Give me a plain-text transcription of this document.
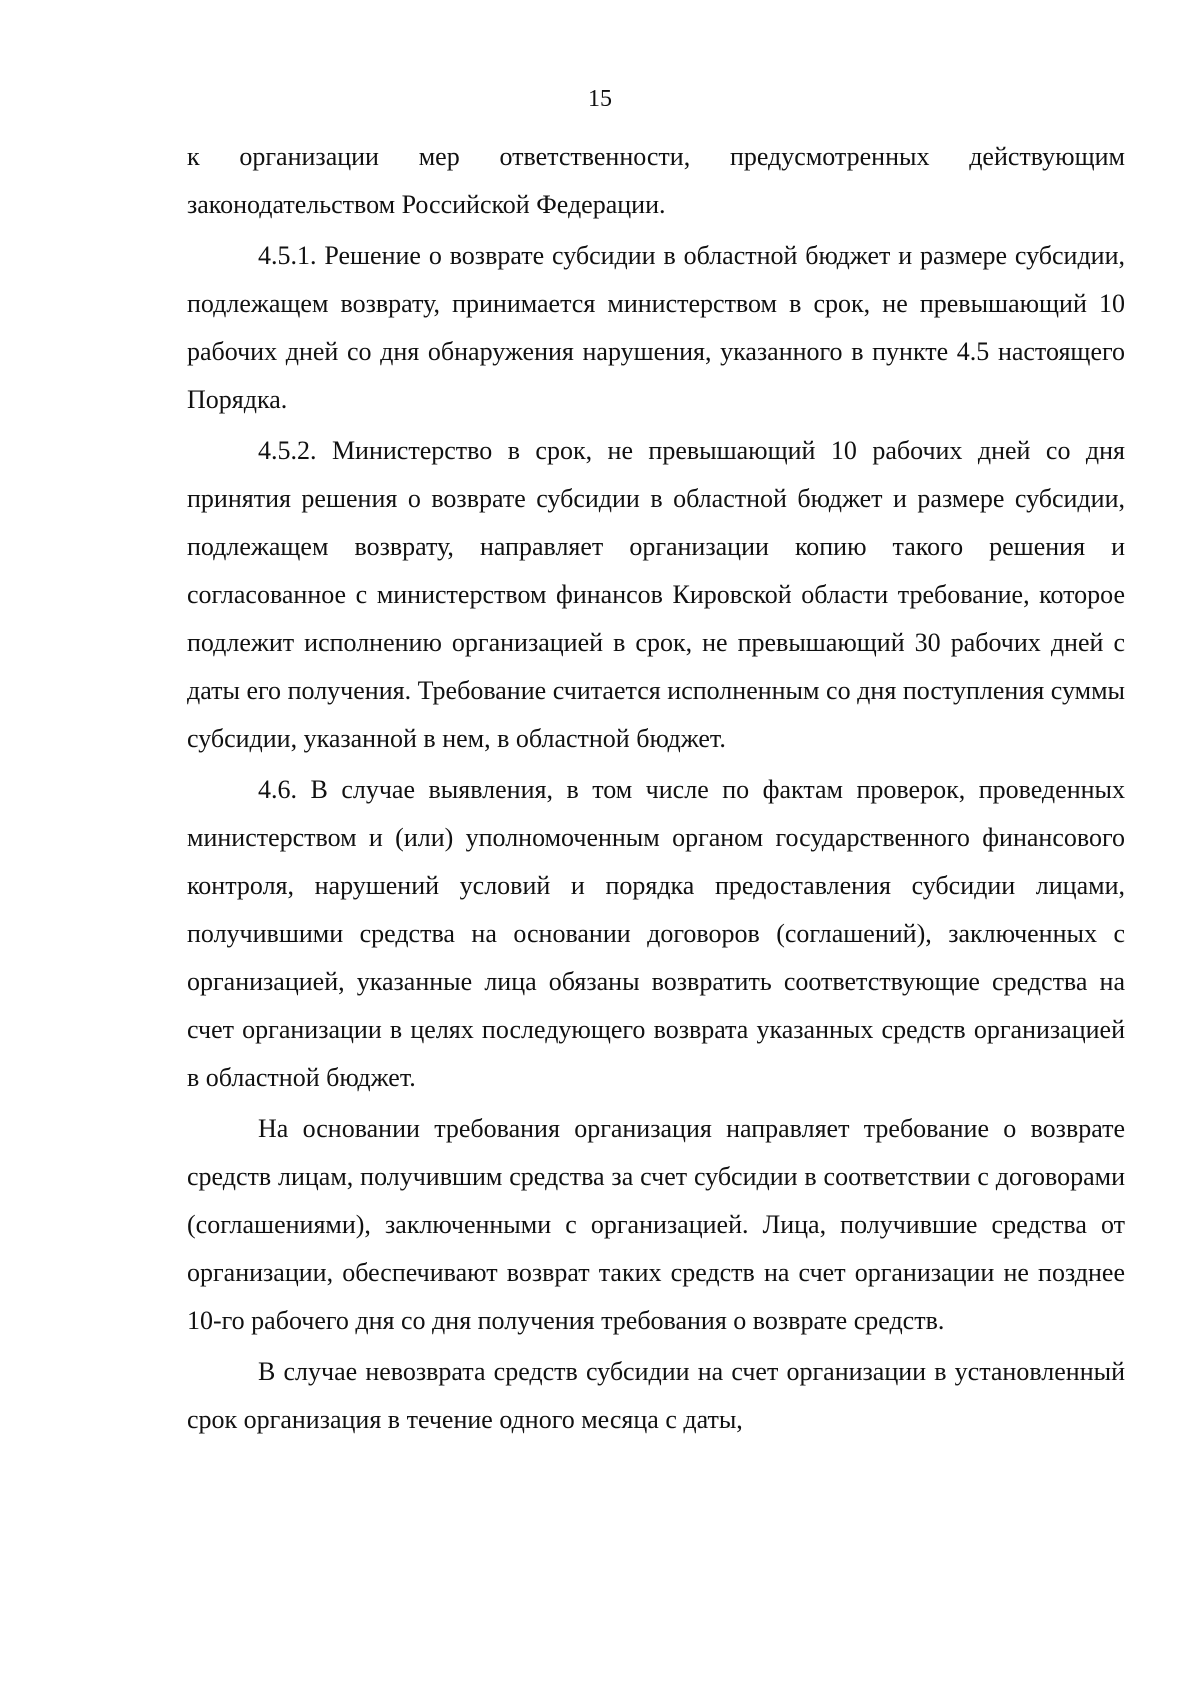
15

к организации мер ответственности, предусмотренных действующим законодательством Российской Федерации.

4.5.1. Решение о возврате субсидии в областной бюджет и размере субсидии, подлежащем возврату, принимается министерством в срок, не превышающий 10 рабочих дней со дня обнаружения нарушения, указанного в пункте 4.5 настоящего Порядка.

4.5.2. Министерство в срок, не превышающий 10 рабочих дней со дня принятия решения о возврате субсидии в областной бюджет и размере субсидии, подлежащем возврату, направляет организации копию такого решения и согласованное с министерством финансов Кировской области требование, которое подлежит исполнению организацией в срок, не превышающий 30 рабочих дней с даты его получения. Требование считается исполненным со дня поступления суммы субсидии, указанной в нем, в областной бюджет.

4.6. В случае выявления, в том числе по фактам проверок, проведенных министерством и (или) уполномоченным органом государственного финансового контроля, нарушений условий и порядка предоставления субсидии лицами, получившими средства на основании договоров (соглашений), заключенных с организацией, указанные лица обязаны возвратить соответствующие средства на счет организации в целях последующего возврата указанных средств организацией в областной бюджет.

На основании требования организация направляет требование о возврате средств лицам, получившим средства за счет субсидии в соответствии с договорами (соглашениями), заключенными с организацией. Лица, получившие средства от организации, обеспечивают возврат таких средств на счет организации не позднее 10-го рабочего дня со дня получения требования о возврате средств.

В случае невозврата средств субсидии на счет организации в установленный срок организация в течение одного месяца с даты,
